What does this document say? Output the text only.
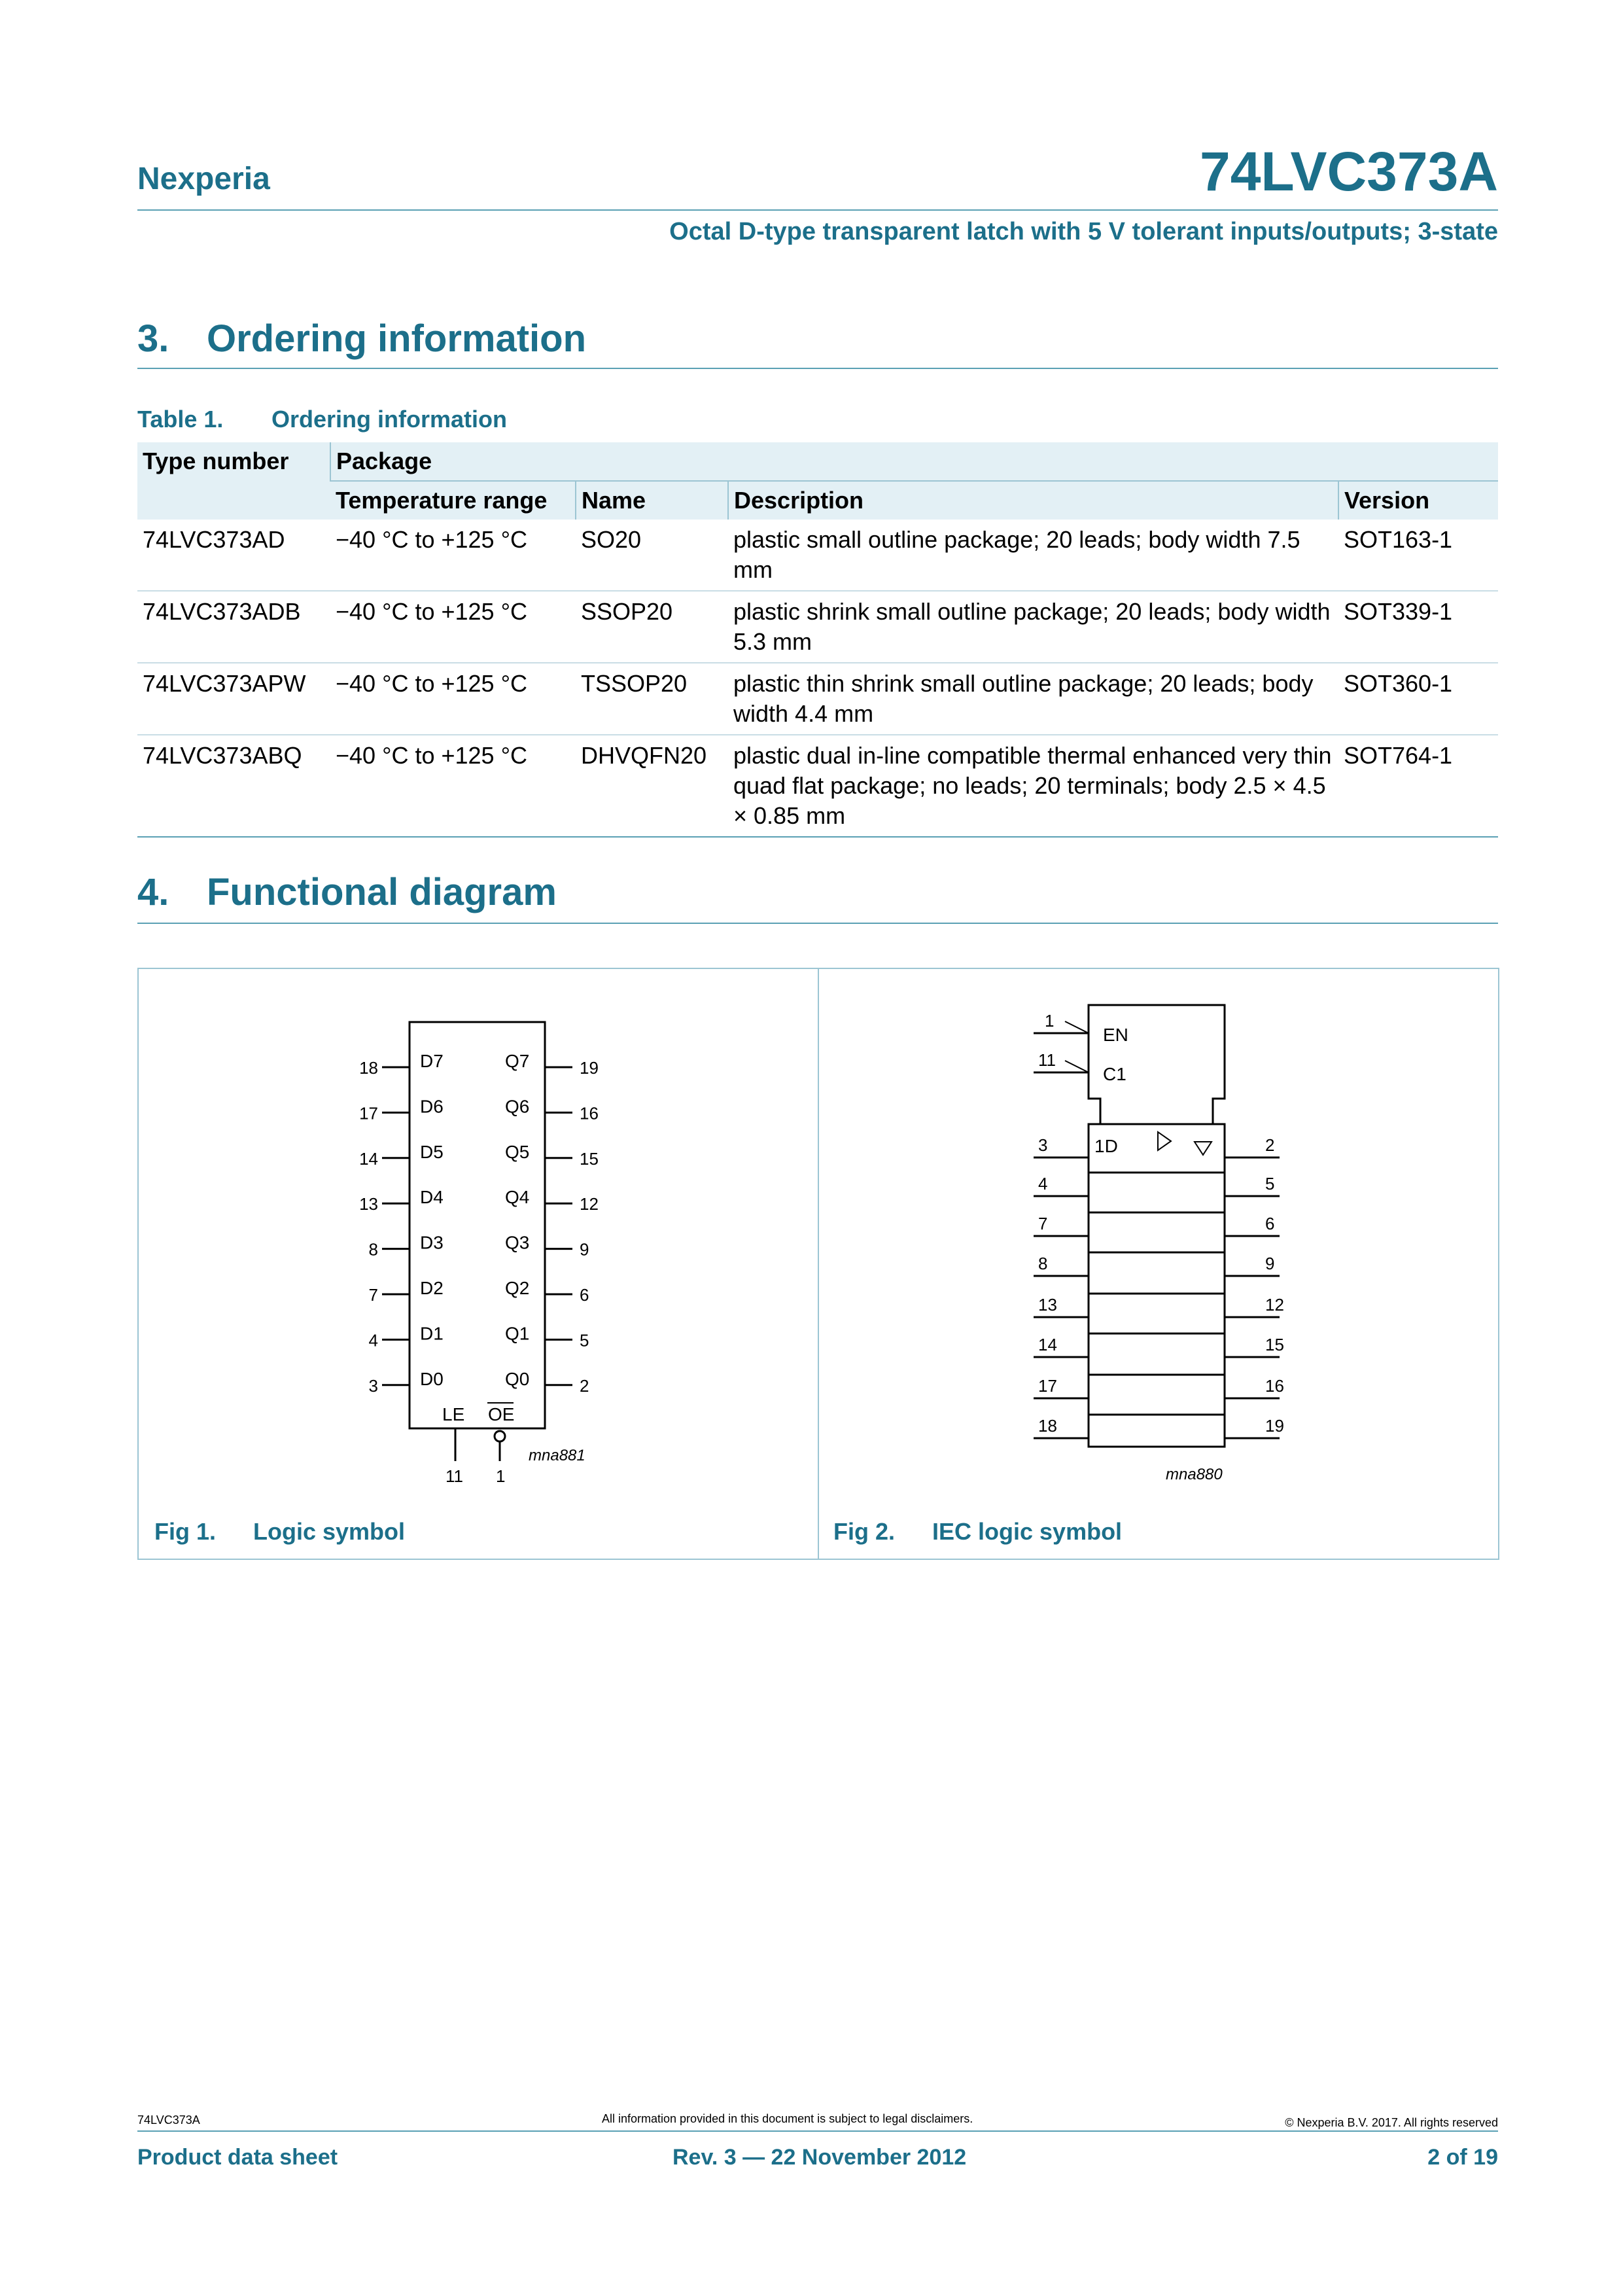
Nexperia	74LVC373A
Octal D-type transparent latch with 5 V tolerant inputs/outputs; 3-state
3. Ordering information
Table 1. Ordering information
Type number	Package			
	Temperature range	Name	Description	Version
74LVC373AD	−40 °C to +125 °C	SO20	plastic small outline package; 20 leads; body width 7.5 mm	SOT163-1
74LVC373ADB	−40 °C to +125 °C	SSOP20	plastic shrink small outline package; 20 leads; body width 5.3 mm	SOT339-1
74LVC373APW	−40 °C to +125 °C	TSSOP20	plastic thin shrink small outline package; 20 leads; body width 4.4 mm	SOT360-1
74LVC373ABQ	−40 °C to +125 °C	DHVQFN20	plastic dual in-line compatible thermal enhanced very thin quad flat package; no leads; 20 terminals; body 2.5 × 4.5 × 0.85 mm	SOT764-1
4. Functional diagram
18 D7	Q7	19
17 D6	Q6	16
14 D5	Q5	15
13 D4	Q4	12
8 D3	Q3	9
7 D2	Q2	6
4 D1	Q1	5
3 D0	Q0	2
LE OE
11 1
mna881
3	2
4	5
7	6
8	9
13	12
14	15
17	16
18	19
1
11
EN
C1
1D
mna880
Fig 1. Logic symbol	Fig 2. IEC logic symbol
74LVC373A	All information provided in this document is subject to legal disclaimers.	© Nexperia B.V. 2017. All rights reserved
Product data sheet	Rev. 3 — 22 November 2012	2 of 19
